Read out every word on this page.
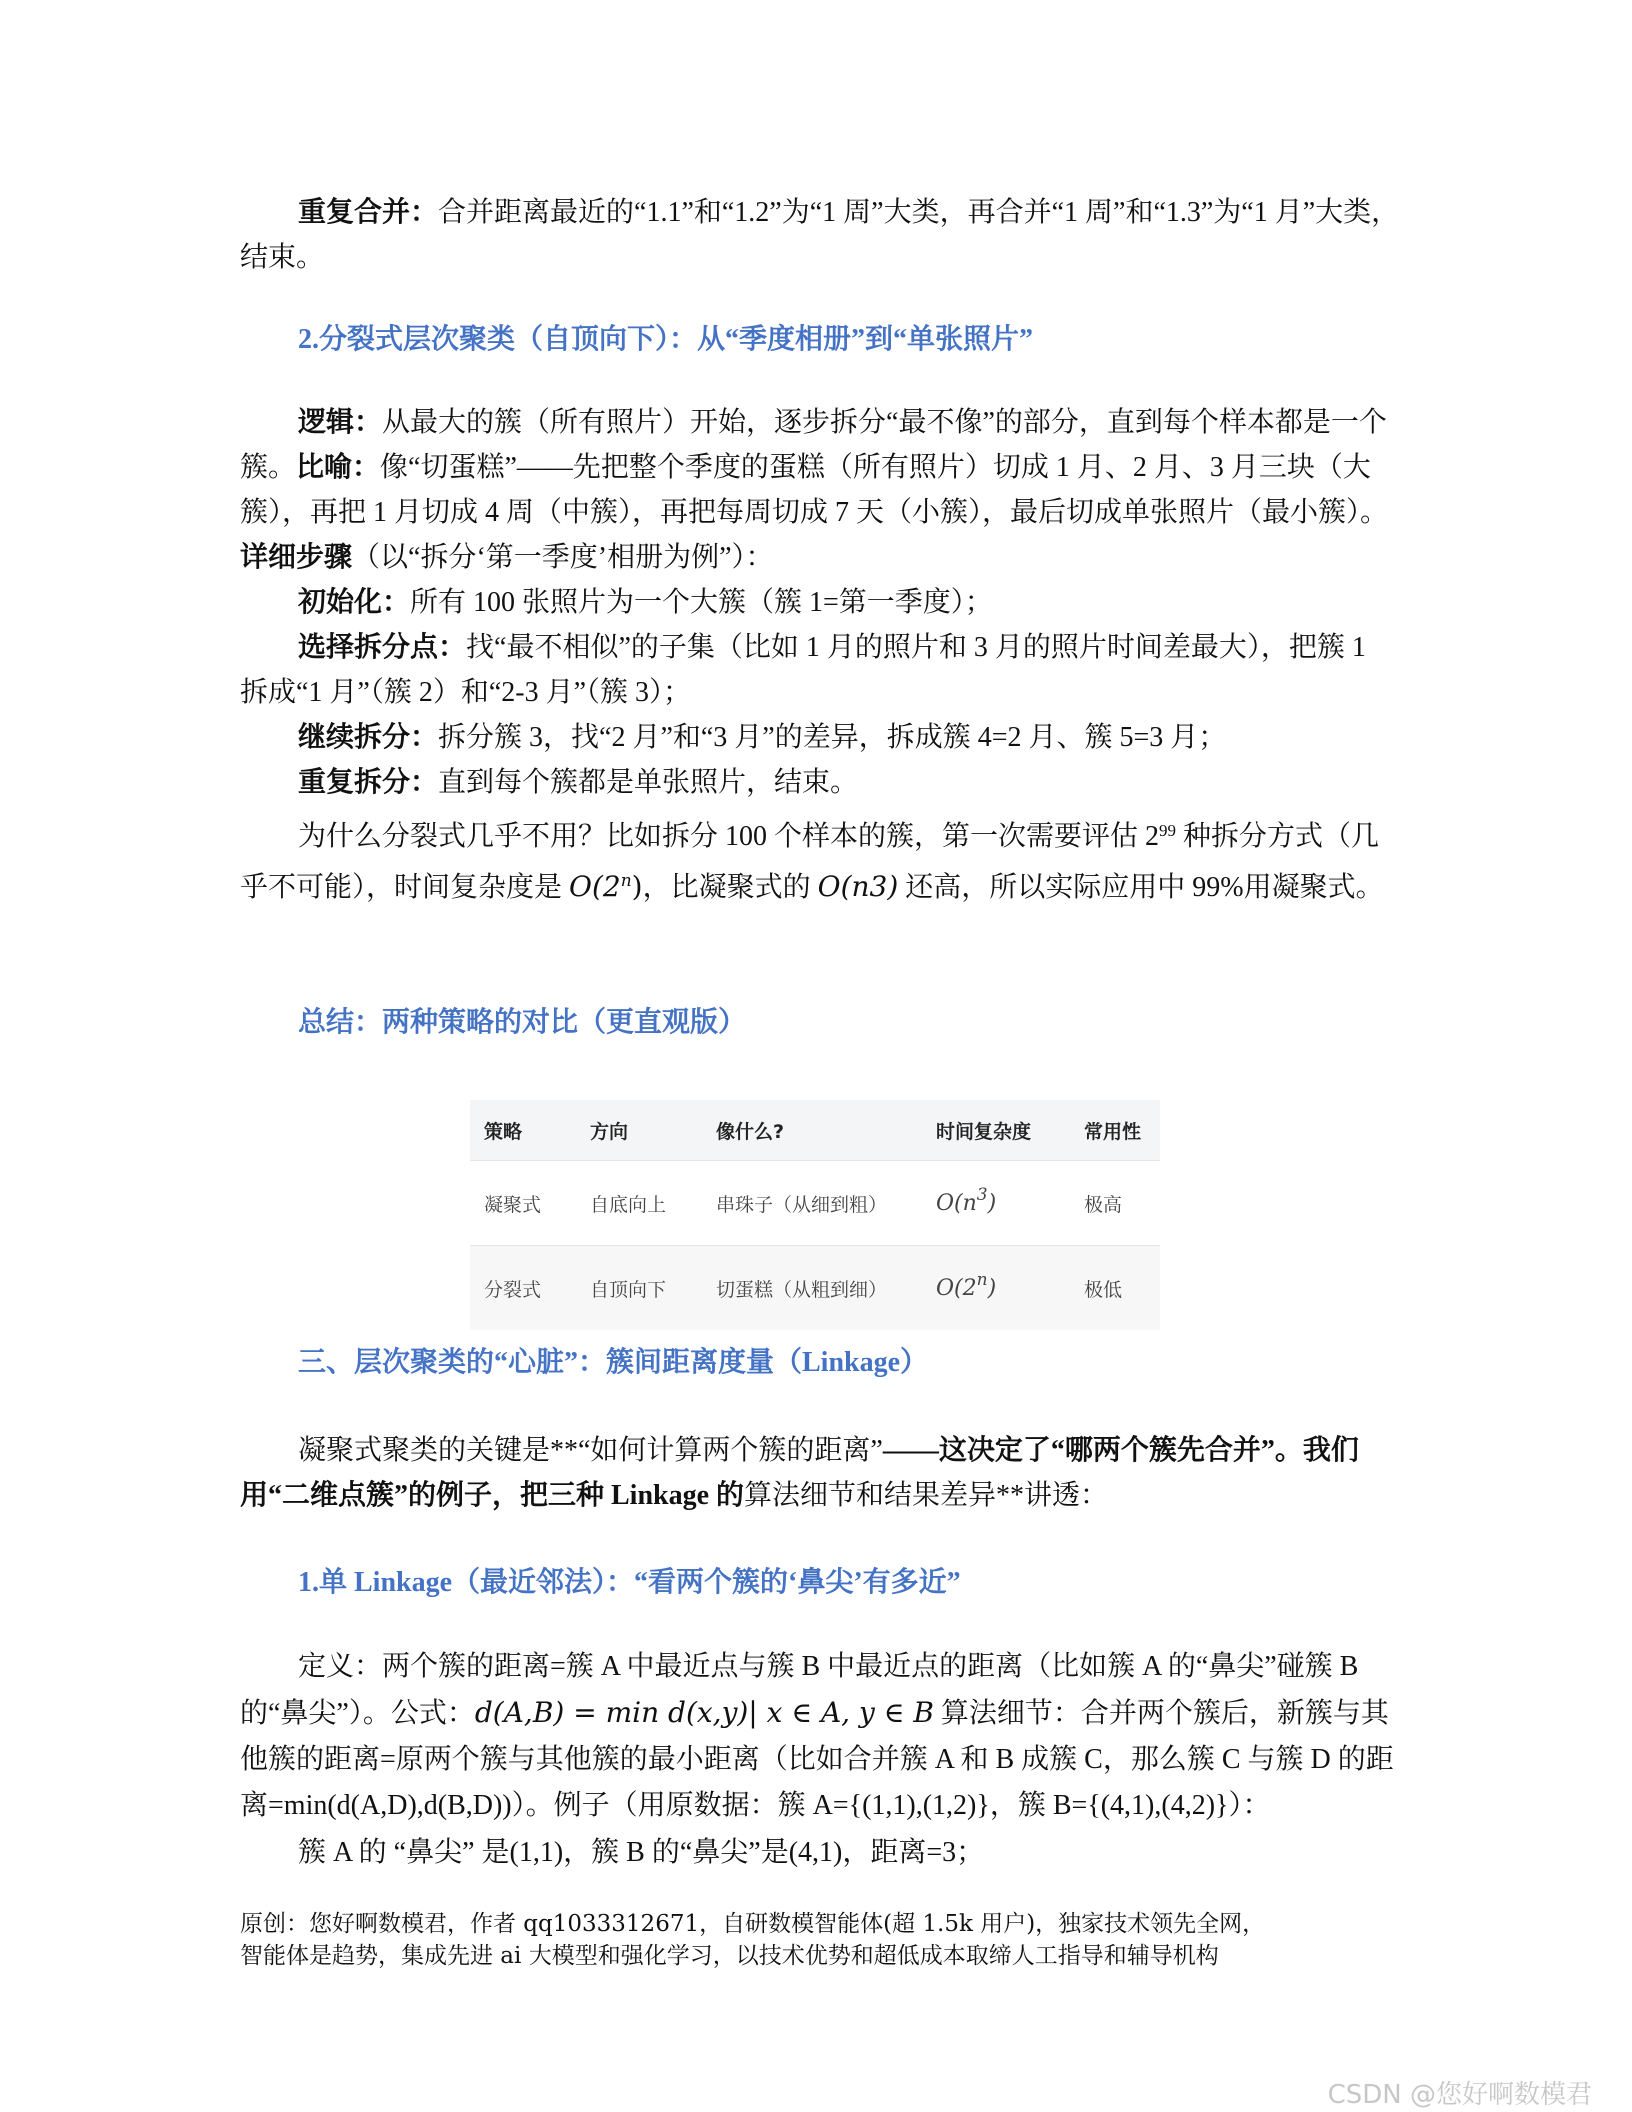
重复合并：合并距离最近的“1.1”和“1.2”为“1 周”大类，再合并“1 周”和“1.3”为“1 月”大类，结束。

2.分裂式层次聚类（自顶向下）：从“季度相册”到“单张照片”

逻辑：从最大的簇（所有照片）开始，逐步拆分“最不像”的部分，直到每个样本都是一个簇。比喻：像“切蛋糕”——先把整个季度的蛋糕（所有照片）切成 1 月、2 月、3 月三块（大簇），再把 1 月切成 4 周（中簇），再把每周切成 7 天（小簇），最后切成单张照片（最小簇）。详细步骤（以“拆分‘第一季度’相册为例”）：

初始化：所有 100 张照片为一个大簇（簇 1=第一季度）；

选择拆分点：找“最不相似”的子集（比如 1 月的照片和 3 月的照片时间差最大），把簇 1 拆成“1 月”（簇 2）和“2-3 月”（簇 3）；

继续拆分：拆分簇 3，找“2 月”和“3 月”的差异，拆成簇 4=2 月、簇 5=3 月；

重复拆分：直到每个簇都是单张照片，结束。

为什么分裂式几乎不用？比如拆分 100 个样本的簇，第一次需要评估 $2^{99}$ 种拆分方式（几乎不可能），时间复杂度是 O(2$^n$)，比凝聚式的 O(n3) 还高，所以实际应用中 99%用凝聚式。

总结：两种策略的对比（更直观版）

策略	方向	像什么?	时间复杂度	常用性
凝聚式	自底向上	串珠子（从细到粗）	$O(n^3)$	极高
分裂式	自顶向下	切蛋糕（从粗到细）	O(2$^n$)	极低

三、层次聚类的“心脏”：簇间距离度量（Linkage）

凝聚式聚类的关键是**“如何计算两个簇的距离”——这决定了“哪两个簇先合并”。我们用“二维点簇”的例子，把三种 Linkage 的算法细节和结果差异**讲透：

1.单 Linkage（最近邻法）：“看两个簇的‘鼻尖’有多近”

定义：两个簇的距离=簇 A 中最近点与簇 B 中最近点的距离（比如簇 A 的“鼻尖”碰簇 B 的“鼻尖”）。公式：d(A,B) = min d(x,y)| x ∈ A, y ∈ B 算法细节：合并两个簇后，新簇与其他簇的距离=原两个簇与其他簇的最小距离（比如合并簇 A 和 B 成簇 C，那么簇 C 与簇 D 的距离=min(d(A,D),d(B,D))）。例子（用原数据：簇 A={(1,1),(1,2)}，簇 B={(4,1),(4,2)}）：

簇 A 的 “鼻尖” 是(1,1)，簇 B 的“鼻尖”是(4,1)，距离=3；

原创：您好啊数模君，作者 qq1033312671，自研数模智能体(超 1.5k 用户)，独家技术领先全网，
智能体是趋势，集成先进 ai 大模型和强化学习，以技术优势和超低成本取缔人工指导和辅导机构
CSDN @您好啊数模君
